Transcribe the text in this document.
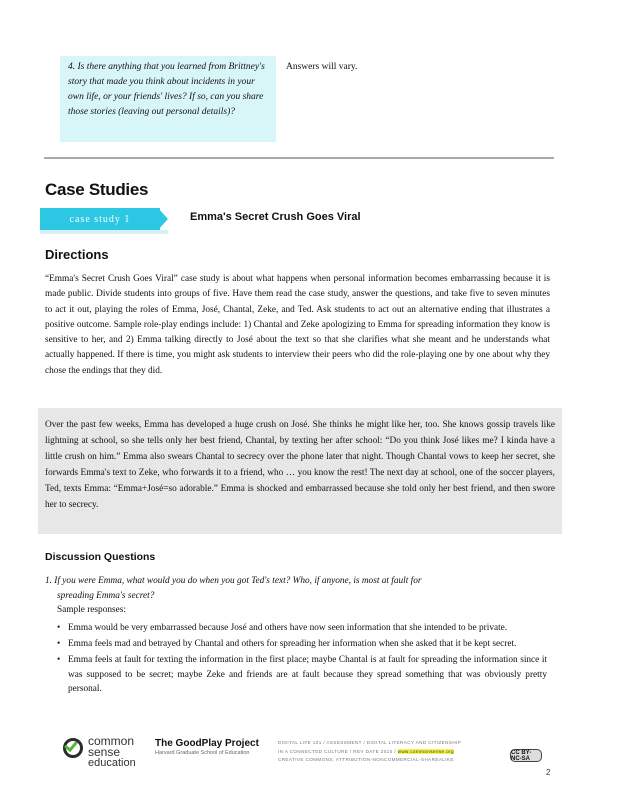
4. Is there anything that you learned from Brittney's story that made you think about incidents in your own life, or your friends' lives? If so, can you share those stories (leaving out personal details)?

Answers will vary.
Case Studies
case study 1	Emma's Secret Crush Goes Viral
Directions
“Emma's Secret Crush Goes Viral” case study is about what happens when personal information becomes embarrassing because it is made public. Divide students into groups of five. Have them read the case study, answer the questions, and take five to seven minutes to act it out, playing the roles of Emma, José, Chantal, Zeke, and Ted. Ask students to act out an alternative ending that illustrates a positive outcome. Sample role-play endings include: 1) Chantal and Zeke apologizing to Emma for spreading information they know is sensitive to her, and 2) Emma talking directly to José about the text so that she clarifies what she meant and he understands what actually happened. If there is time, you might ask students to interview their peers who did the role-playing one by one about why they chose the endings that they did.
Over the past few weeks, Emma has developed a huge crush on José. She thinks he might like her, too. She knows gossip travels like lightning at school, so she tells only her best friend, Chantal, by texting her after school: “Do you think José likes me? I kinda have a little crush on him.” Emma also swears Chantal to secrecy over the phone later that night. Though Chantal vows to keep her secret, she forwards Emma's text to Zeke, who forwards it to a friend, who … you know the rest! The next day at school, one of the soccer players, Ted, texts Emma: “Emma+José=so adorable.” Emma is shocked and embarrassed because she told only her best friend, and then swore her to secrecy.
Discussion Questions
1. If you were Emma, what would you do when you got Ted's text? Who, if anyone, is most at fault for
spreading Emma's secret?
Sample responses:
• Emma would be very embarrassed because José and others have now seen information that she intended to be private.
• Emma feels mad and betrayed by Chantal and others for spreading her information when she asked that it be kept secret.
• Emma feels at fault for texting the information in the first place; maybe Chantal is at fault for spreading the information since it was supposed to be secret; maybe Zeke and friends are at fault because they spread something that was obviously pretty personal.
common
sense
education
The GoodPlay Project
Harvard Graduate School of Education
DIGITAL LIFE 101 / ASSESSMENT / DIGITAL LITERACY AND CITIZENSHIP
IN A CONNECTED CULTURE / REV DATE 2015 / www.commonsense.org
CREATIVE COMMONS: ATTRIBUTION-NONCOMMERCIAL-SHAREALIKE
CC BY-NC-SA
2
